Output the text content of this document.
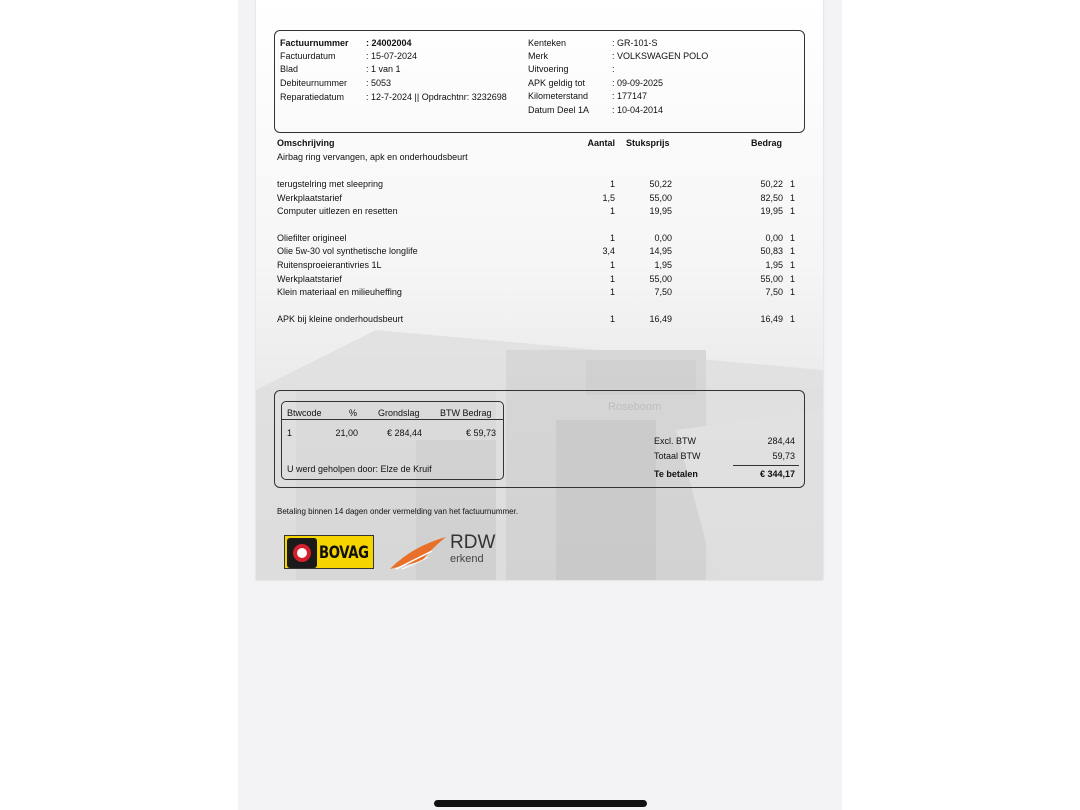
Roseboom
Factuurnummer : 24002004
Factuurdatum	: 15-07-2024
Blad	: 1 van 1
Debiteurnummer : 5053
Reparatiedatum : 12-7-2024 || Opdrachtnr: 3232698
Kenteken	: GR-101-S
Merk	: VOLKSWAGEN POLO
Uitvoering	:
APK geldig tot	: 09-09-2025
Kilometerstand	: 177147
Datum Deel 1A	: 10-04-2014
Omschrijving	Aantal Stuksprijs	Bedrag
Airbag ring vervangen, apk en onderhoudsbeurt
terugstelring met sleepring	1	50,22	50,22 1
Werkplaatstarief	1,5	55,00	82,50 1
Computer uitlezen en resetten	1	19,95	19,95 1
Oliefilter origineel	1	0,00	0,00 1
Olie 5w-30 vol synthetische longlife	3,4	14,95	50,83 1
Ruitensproeierantivries 1L	1	1,95	1,95 1
Werkplaatstarief	1	55,00	55,00 1
Klein materiaal en milieuheffing	1	7,50	7,50 1
APK bij kleine onderhoudsbeurt	1	16,49	16,49 1
Btwcode	% Grondslag BTW Bedrag
1	21,00	€ 284,44	€ 59,73
U werd geholpen door: Elze de Kruif
Excl. BTW	284,44
Totaal BTW	59,73
Te betalen	€ 344,17
Betaling binnen 14 dagen onder vermelding van het factuurnummer.
BOVAG	RDW
erkend
